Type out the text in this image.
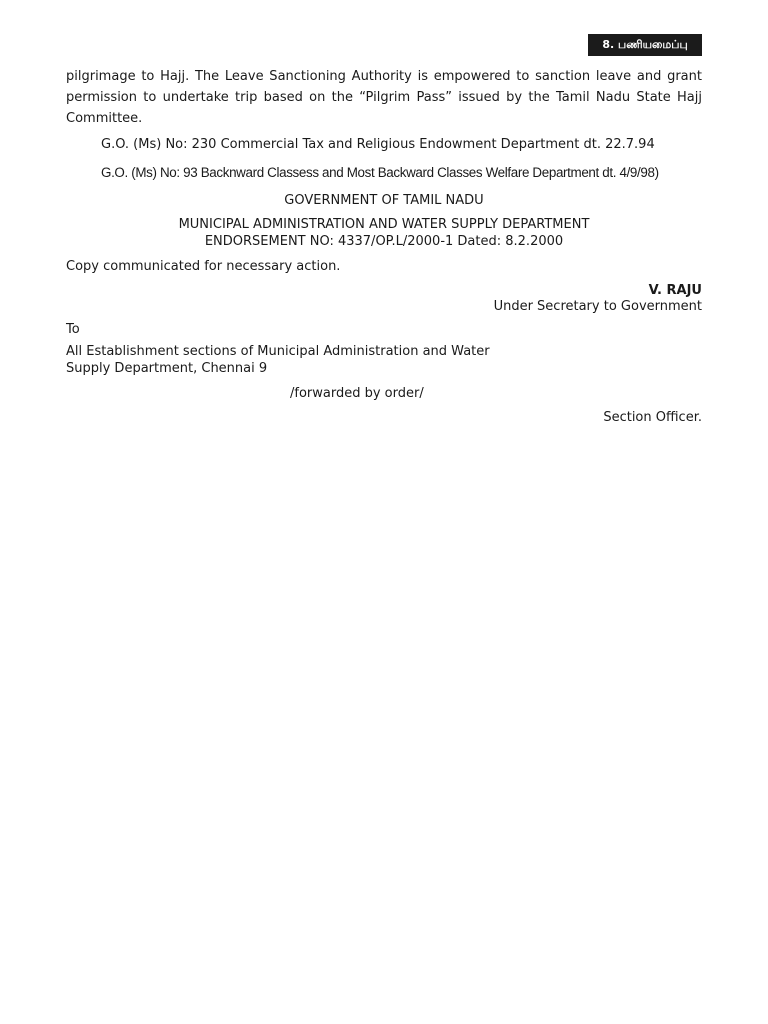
8. பணியமைப்பு
pilgrimage to Hajj. The Leave Sanctioning Authority is empowered to sanction leave and grant permission to undertake trip based on the “Pilgrim Pass” issued by the Tamil Nadu State Hajj Committee.
G.O. (Ms) No: 230 Commercial Tax and Religious Endowment Department dt. 22.7.94
G.O. (Ms) No: 93 Backnward Classess and Most Backward Classes Welfare Department dt. 4/9/98)
GOVERNMENT OF TAMIL NADU
MUNICIPAL ADMINISTRATION AND WATER SUPPLY DEPARTMENT
ENDORSEMENT NO: 4337/OP.L/2000-1 Dated: 8.2.2000
Copy communicated for necessary action.
V. RAJU
Under Secretary to Government
To
All Establishment sections of Municipal Administration and Water
Supply Department, Chennai 9
/forwarded by order/
Section Officer.
